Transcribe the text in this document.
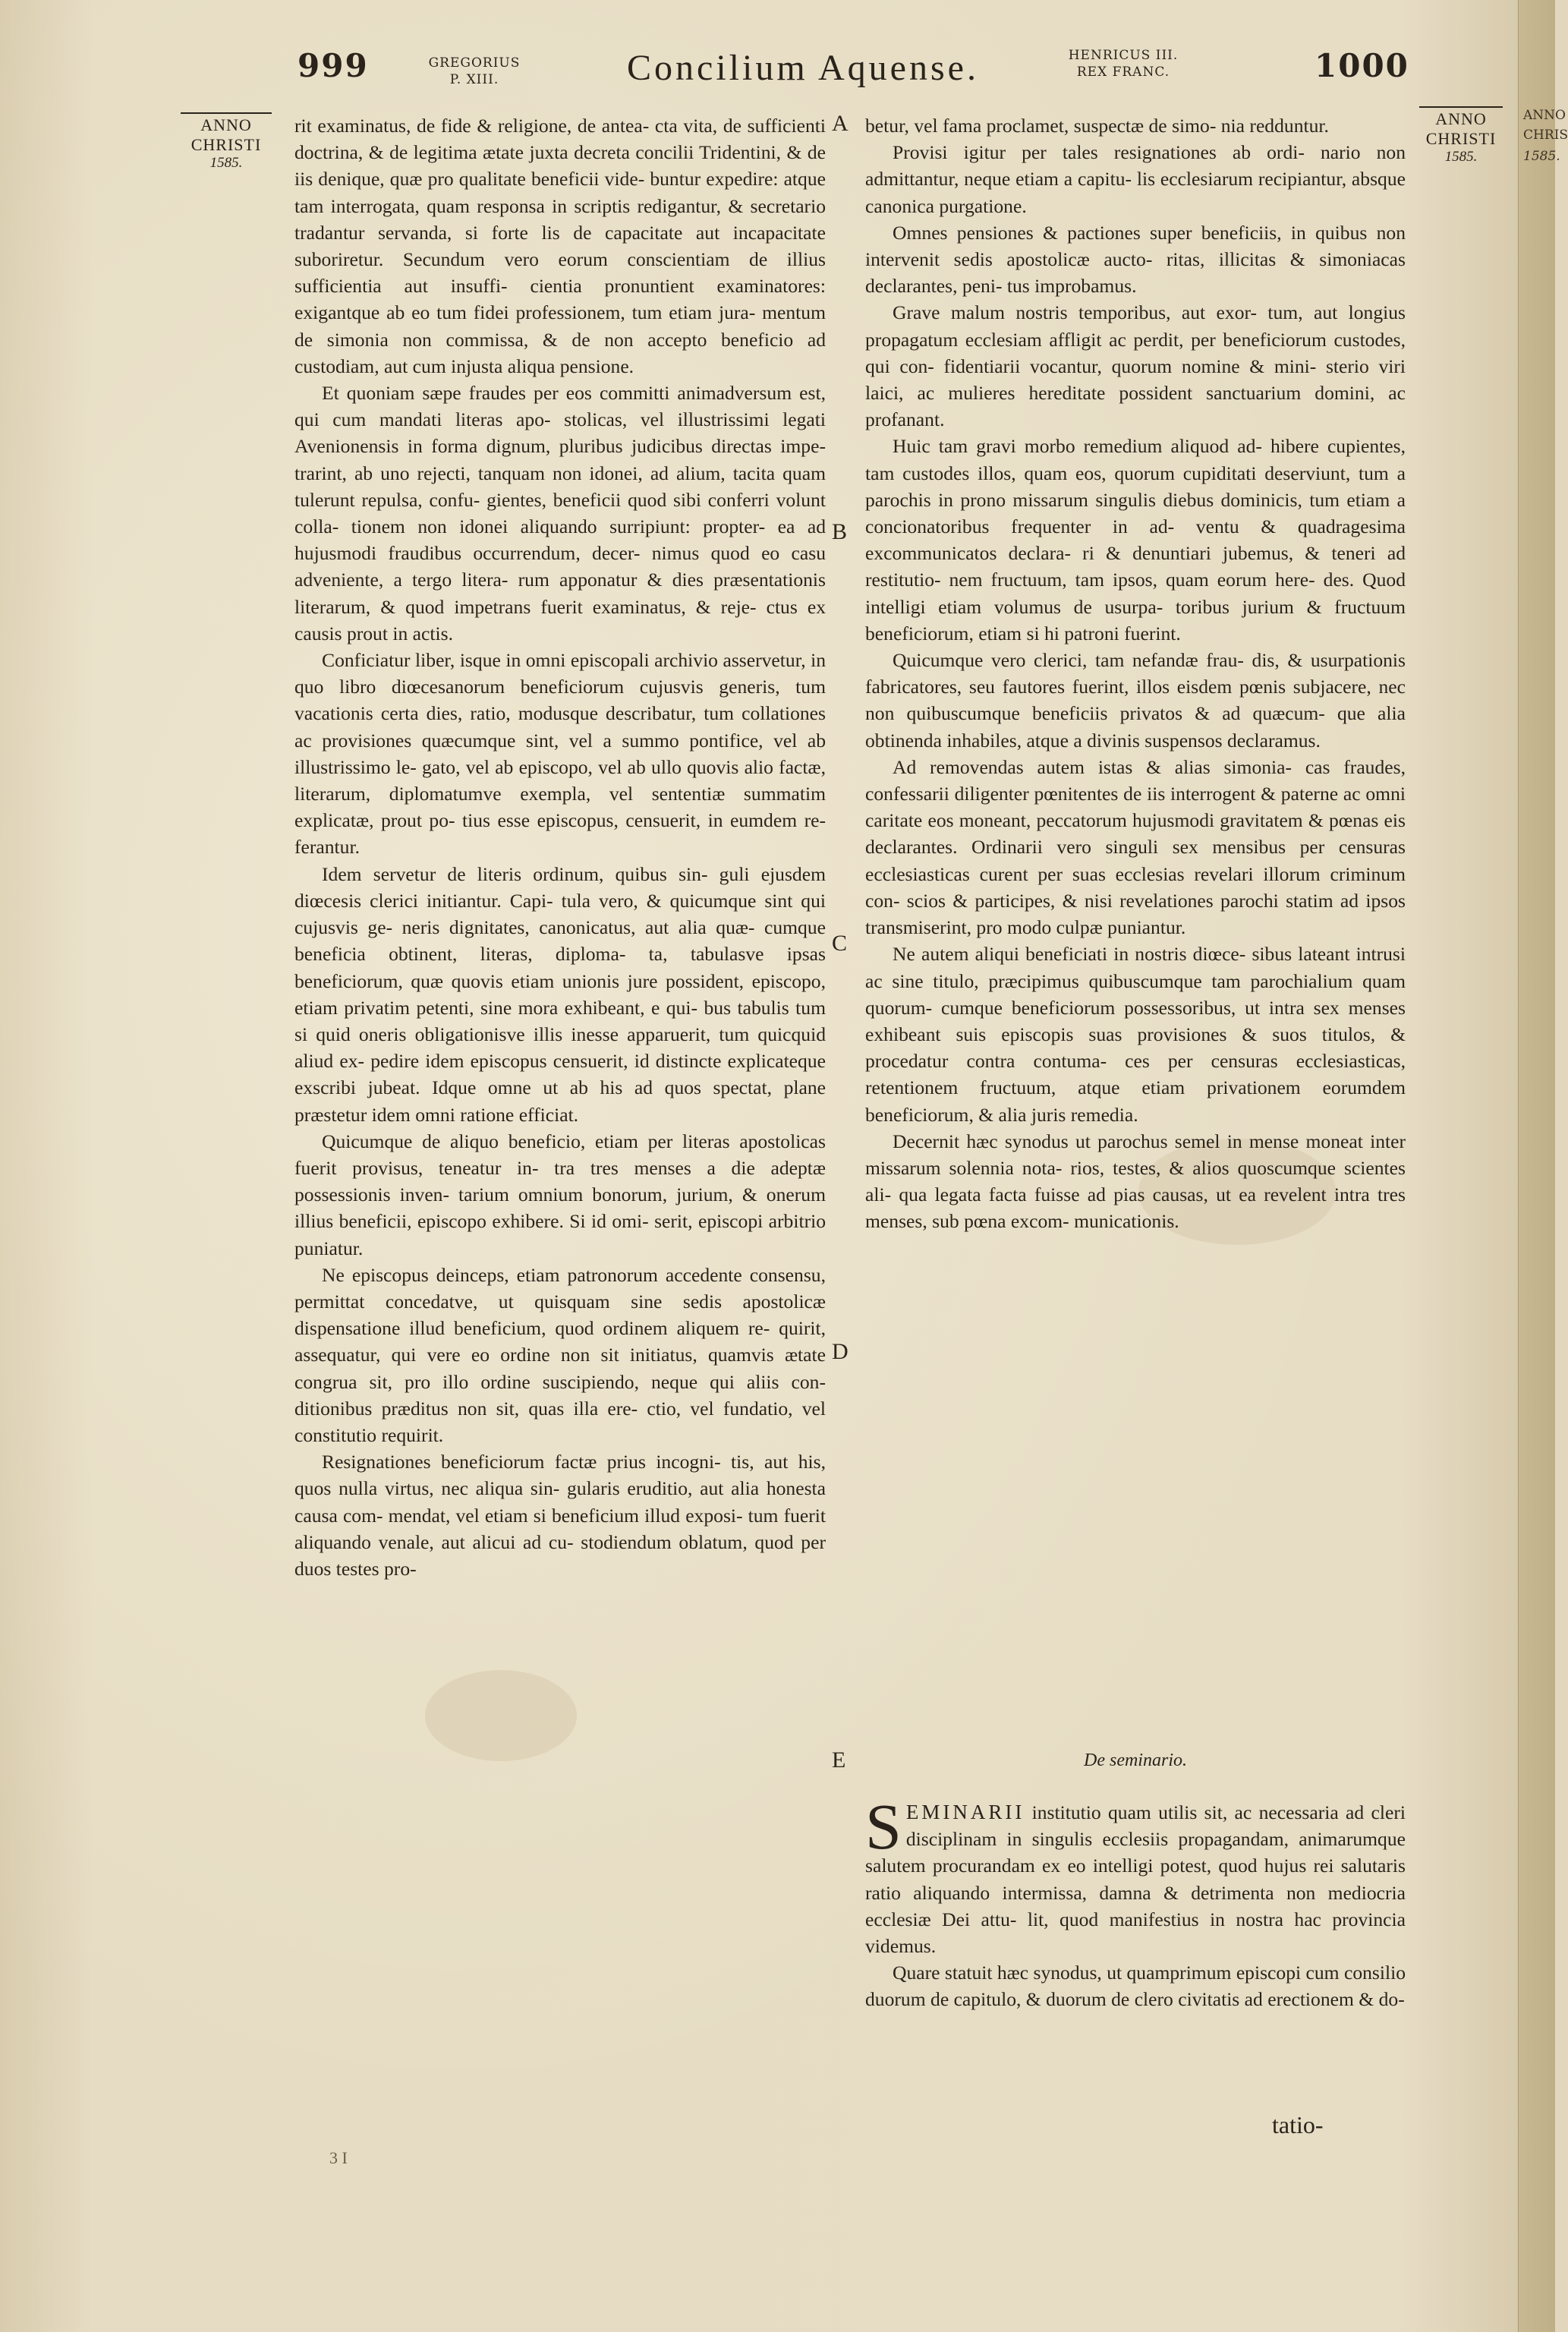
ANNO
CHRIS
1585.
999	GREGORIUS
P. XIII.	Concilium Aquense.	HENRICUS III.
REX FRANC.	1000
ANNO
CHRISTI
1585.
ANNO
CHRISTI
1585.
A
B
C
D
E

rit examinatus, de fide & religione, de antea- cta vita, de sufficienti doctrina, & de legitima ætate juxta decreta concilii Tridentini, & de iis denique, quæ pro qualitate beneficii vide- buntur expedire: atque tam interrogata, quam responsa in scriptis redigantur, & secretario tradantur servanda, si forte lis de capacitate aut incapacitate suboriretur. Secundum vero eorum conscientiam de illius sufficientia aut insuffi- cientia pronuntient examinatores: exigantque ab eo tum fidei professionem, tum etiam jura- mentum de simonia non commissa, & de non accepto beneficio ad custodiam, aut cum injusta aliqua pensione.

Et quoniam sæpe fraudes per eos committi animadversum est, qui cum mandati literas apo- stolicas, vel illustrissimi legati Avenionensis in forma dignum, pluribus judicibus directas impe- trarint, ab uno rejecti, tanquam non idonei, ad alium, tacita quam tulerunt repulsa, confu- gientes, beneficii quod sibi conferri volunt colla- tionem non idonei aliquando surripiunt: propter- ea ad hujusmodi fraudibus occurrendum, decer- nimus quod eo casu adveniente, a tergo litera- rum apponatur & dies præsentationis literarum, & quod impetrans fuerit examinatus, & reje- ctus ex causis prout in actis.

Conficiatur liber, isque in omni episcopali archivio asservetur, in quo libro diœcesanorum beneficiorum cujusvis generis, tum vacationis certa dies, ratio, modusque describatur, tum collationes ac provisiones quæcumque sint, vel a summo pontifice, vel ab illustrissimo le- gato, vel ab episcopo, vel ab ullo quovis alio factæ, literarum, diplomatumve exempla, vel sententiæ summatim explicatæ, prout po- tius esse episcopus, censuerit, in eumdem re- ferantur.

Idem servetur de literis ordinum, quibus sin- guli ejusdem diœcesis clerici initiantur. Capi- tula vero, & quicumque sint qui cujusvis ge- neris dignitates, canonicatus, aut alia quæ- cumque beneficia obtinent, literas, diploma- ta, tabulasve ipsas beneficiorum, quæ quovis etiam unionis jure possident, episcopo, etiam privatim petenti, sine mora exhibeant, e qui- bus tabulis tum si quid oneris obligationisve illis inesse apparuerit, tum quicquid aliud ex- pedire idem episcopus censuerit, id distincte explicateque exscribi jubeat. Idque omne ut ab his ad quos spectat, plane præstetur idem omni ratione efficiat.

Quicumque de aliquo beneficio, etiam per literas apostolicas fuerit provisus, teneatur in- tra tres menses a die adeptæ possessionis inven- tarium omnium bonorum, jurium, & onerum illius beneficii, episcopo exhibere. Si id omi- serit, episcopi arbitrio puniatur.

Ne episcopus deinceps, etiam patronorum accedente consensu, permittat concedatve, ut quisquam sine sedis apostolicæ dispensatione illud beneficium, quod ordinem aliquem re- quirit, assequatur, qui vere eo ordine non sit initiatus, quamvis ætate congrua sit, pro illo ordine suscipiendo, neque qui aliis con- ditionibus præditus non sit, quas illa ere- ctio, vel fundatio, vel constitutio requirit.

Resignationes beneficiorum factæ prius incogni- tis, aut his, quos nulla virtus, nec aliqua sin- gularis eruditio, aut alia honesta causa com- mendat, vel etiam si beneficium illud exposi- tum fuerit aliquando venale, aut alicui ad cu- stodiendum oblatum, quod per duos testes pro-

betur, vel fama proclamet, suspectæ de simo- nia redduntur.

Provisi igitur per tales resignationes ab ordi- nario non admittantur, neque etiam a capitu- lis ecclesiarum recipiantur, absque canonica purgatione.

Omnes pensiones & pactiones super beneficiis, in quibus non intervenit sedis apostolicæ aucto- ritas, illicitas & simoniacas declarantes, peni- tus improbamus.

Grave malum nostris temporibus, aut exor- tum, aut longius propagatum ecclesiam affligit ac perdit, per beneficiorum custodes, qui con- fidentiarii vocantur, quorum nomine & mini- sterio viri laici, ac mulieres hereditate possident sanctuarium domini, ac profanant.

Huic tam gravi morbo remedium aliquod ad- hibere cupientes, tam custodes illos, quam eos, quorum cupiditati deserviunt, tum a parochis in prono missarum singulis diebus dominicis, tum etiam a concionatoribus frequenter in ad- ventu & quadragesima excommunicatos declara- ri & denuntiari jubemus, & teneri ad restitutio- nem fructuum, tam ipsos, quam eorum here- des. Quod intelligi etiam volumus de usurpa- toribus jurium & fructuum beneficiorum, etiam si hi patroni fuerint.

Quicumque vero clerici, tam nefandæ frau- dis, & usurpationis fabricatores, seu fautores fuerint, illos eisdem pœnis subjacere, nec non quibuscumque beneficiis privatos & ad quæcum- que alia obtinenda inhabiles, atque a divinis suspensos declaramus.

Ad removendas autem istas & alias simonia- cas fraudes, confessarii diligenter pœnitentes de iis interrogent & paterne ac omni caritate eos moneant, peccatorum hujusmodi gravitatem & pœnas eis declarantes. Ordinarii vero singuli sex mensibus per censuras ecclesiasticas curent per suas ecclesias revelari illorum criminum con- scios & participes, & nisi revelationes parochi statim ad ipsos transmiserint, pro modo culpæ puniantur.

Ne autem aliqui beneficiati in nostris diœce- sibus lateant intrusi ac sine titulo, præcipimus quibuscumque tam parochialium quam quorum- cumque beneficiorum possessoribus, ut intra sex menses exhibeant suis episcopis suas provisiones & suos titulos, & procedatur contra contuma- ces per censuras ecclesiasticas, retentionem fructuum, atque etiam privationem eorumdem beneficiorum, & alia juris remedia.

Decernit hæc synodus ut parochus semel in mense moneat inter missarum solennia nota- rios, testes, & alios quoscumque scientes ali- qua legata facta fuisse ad pias causas, ut ea revelent intra tres menses, sub pœna excom- municationis.

De seminario.

SEMINARII institutio quam utilis sit, ac necessaria ad cleri disciplinam in singulis ecclesiis propagandam, animarumque salutem procurandam ex eo intelligi potest, quod hujus rei salutaris ratio aliquando intermissa, damna & detrimenta non mediocria ecclesiæ Dei attu- lit, quod manifestius in nostra hac provincia videmus.

Quare statuit hæc synodus, ut quamprimum episcopi cum consilio duorum de capitulo, & duorum de clero civitatis ad erectionem & do-

tatio-
3 I
